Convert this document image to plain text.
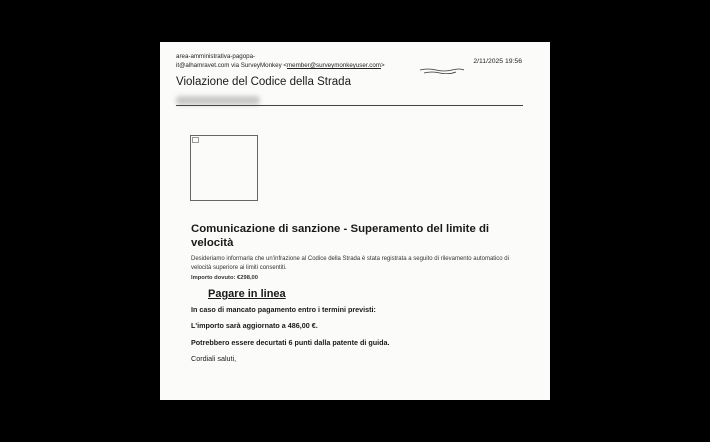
area-amministrativa-pagopa-
it@alhamravet.com via SurveyMonkey <member@surveymonkeyuser.com>
2/11/2025 19:56
Violazione del Codice della Strada
Comunicazione di sanzione - Superamento del limite di velocità
Desideriamo informarla che un'infrazione al Codice della Strada è stata registrata a seguito di rilevamento automatico di velocità superiore ai limiti consentiti.
Importo dovuto: €298,00
Pagare in linea
In caso di mancato pagamento entro i termini previsti:
L'importo sarà aggiornato a 486,00 €.
Potrebbero essere decurtati 6 punti dalla patente di guida.
Cordiali saluti,
